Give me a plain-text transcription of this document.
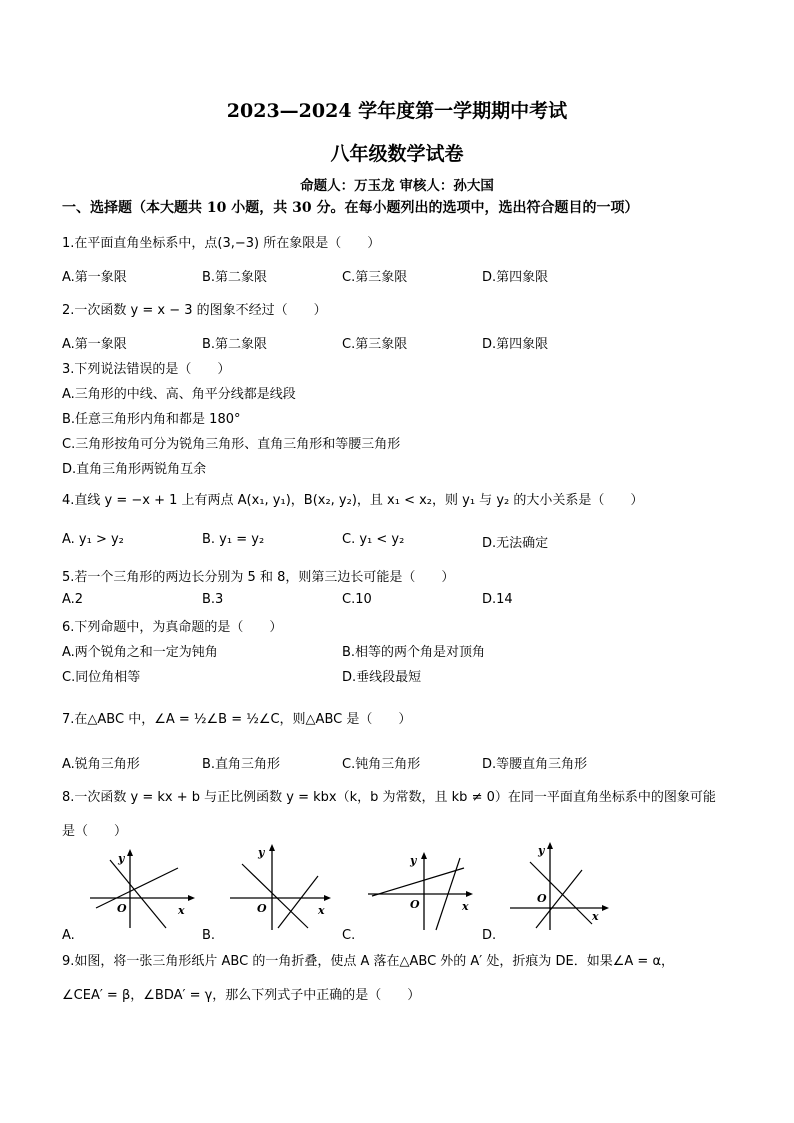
2023—2024 学年度第一学期期中考试
八年级数学试卷
命题人：万玉龙 审核人：孙大国
一、选择题（本大题共 10 小题，共 30 分。在每小题列出的选项中，选出符合题目的一项）
1.在平面直角坐标系中，点(3,−3) 所在象限是（　　）
A.第一象限	B.第二象限	C.第三象限	D.第四象限
2.一次函数 y = x − 3 的图象不经过（　　）
A.第一象限	B.第二象限	C.第三象限	D.第四象限
3.下列说法错误的是（　　）
A.三角形的中线、高、角平分线都是线段
B.任意三角形内角和都是 180°
C.三角形按角可分为锐角三角形、直角三角形和等腰三角形
D.直角三角形两锐角互余
4.直线 y = −x + 1 上有两点 A(x₁, y₁)，B(x₂, y₂)，且 x₁ < x₂，则 y₁ 与 y₂ 的大小关系是（　　）
A. y₁ > y₂	B. y₁ = y₂	C. y₁ < y₂	D.无法确定
5.若一个三角形的两边长分别为 5 和 8，则第三边长可能是（　　）
A.2	B.3	C.10	D.14
6.下列命题中，为真命题的是（　　）
A.两个锐角之和一定为钝角	B.相等的两个角是对顶角
C.同位角相等	D.垂线段最短
7.在△ABC 中，∠A = ½∠B = ½∠C，则△ABC 是（　　）
A.锐角三角形	B.直角三角形	C.钝角三角形	D.等腰直角三角形
8.一次函数 y = kx + b 与正比例函数 y = kbx（k，b 为常数，且 kb ≠ 0）在同一平面直角坐标系中的图象可能
是（　　）
O	x
y
A.
O	x
y
B.
O	x
y
C.
O
x
y
D.
9.如图，将一张三角形纸片 ABC 的一角折叠，使点 A 落在△ABC 外的 A′ 处，折痕为 DE．如果∠A = α，
∠CEA′ = β，∠BDA′ = γ，那么下列式子中正确的是（　　）
